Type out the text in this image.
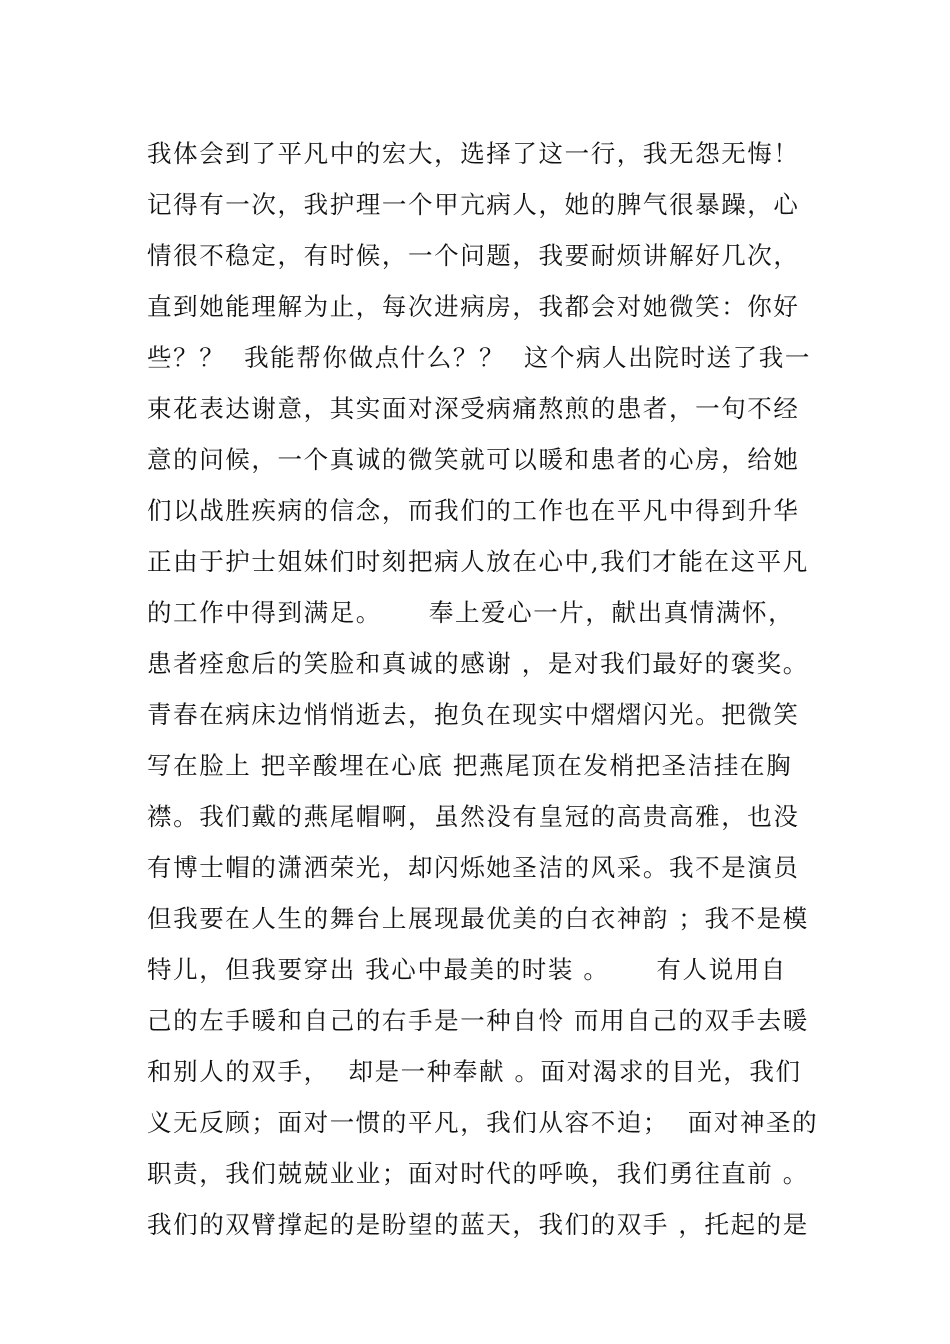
我体会到了平凡中的宏大，选择了这一行，我无怨无悔！
记得有一次，我护理一个甲亢病人，她的脾气很暴躁，心
情很不稳定，有时候，一个问题，我要耐烦讲解好几次，
直到她能理解为止，每次进病房，我都会对她微笑：你好
些？？  我能帮你做点什么？？  这个病人出院时送了我一
束花表达谢意，其实面对深受病痛熬煎的患者，一句不经
意的问候，一个真诚的微笑就可以暖和患者的心房，给她
们以战胜疾病的信念，而我们的工作也在平凡中得到升华
正由于护士姐妹们时刻把病人放在心中,我们才能在这平凡
的工作中得到满足。     奉上爱心一片，献出真情满怀，
患者痊愈后的笑脸和真诚的感谢 ，是对我们最好的褒奖。
青春在病床边悄悄逝去，抱负在现实中熠熠闪光。把微笑
写在脸上 把辛酸埋在心底 把燕尾顶在发梢把圣洁挂在胸
襟。我们戴的燕尾帽啊，虽然没有皇冠的高贵高雅，也没
有博士帽的潇洒荣光，却闪烁她圣洁的风采。我不是演员
但我要在人生的舞台上展现最优美的白衣神韵 ；我不是模
特儿，但我要穿出 我心中最美的时装 。     有人说用自
己的左手暖和自己的右手是一种自怜 而用自己的双手去暖
和别人的双手，  却是一种奉献 。面对渴求的目光，我们
义无反顾；面对一惯的平凡，我们从容不迫；  面对神圣的
职责，我们兢兢业业；面对时代的呼唤，我们勇往直前 。
我们的双臂撑起的是盼望的蓝天，我们的双手 ，托起的是
